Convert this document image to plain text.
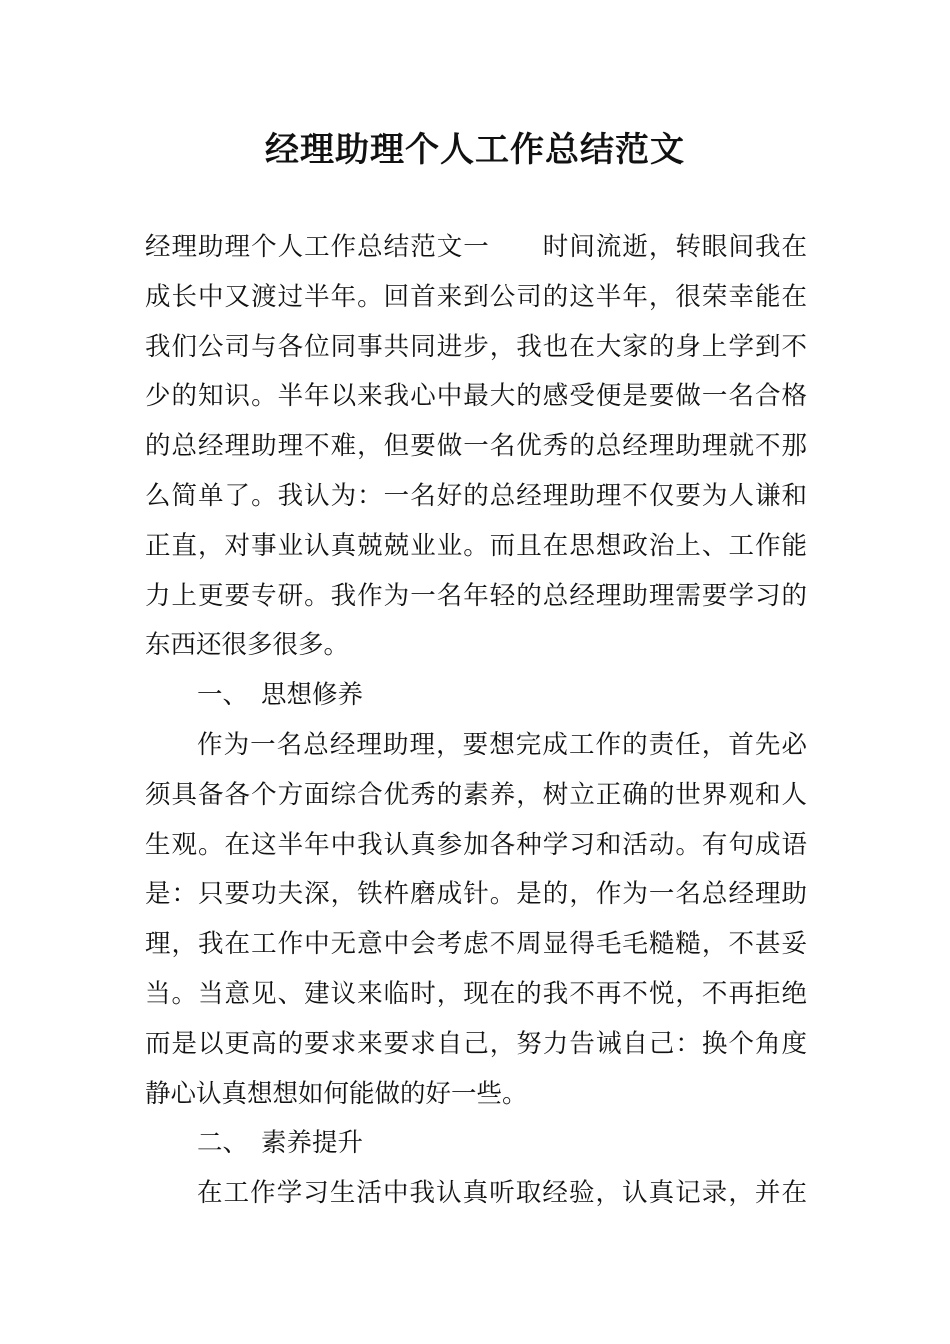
经理助理个人工作总结范文
经理助理个人工作总结范文一　　时间流逝，转眼间我在
成长中又渡过半年。回首来到公司的这半年，很荣幸能在
我们公司与各位同事共同进步，我也在大家的身上学到不
少的知识。半年以来我心中最大的感受便是要做一名合格
的总经理助理不难，但要做一名优秀的总经理助理就不那
么简单了。我认为：一名好的总经理助理不仅要为人谦和
正直，对事业认真兢兢业业。而且在思想政治上、工作能
力上更要专研。我作为一名年轻的总经理助理需要学习的
东西还很多很多。
一、 思想修养
作为一名总经理助理，要想完成工作的责任，首先必
须具备各个方面综合优秀的素养，树立正确的世界观和人
生观。在这半年中我认真参加各种学习和活动。有句成语
是：只要功夫深，铁杵磨成针。是的，作为一名总经理助
理，我在工作中无意中会考虑不周显得毛毛糙糙，不甚妥
当。当意见、建议来临时，现在的我不再不悦，不再拒绝
而是以更高的要求来要求自己，努力告诫自己：换个角度
静心认真想想如何能做的好一些。
二、 素养提升
在工作学习生活中我认真听取经验，认真记录，并在
